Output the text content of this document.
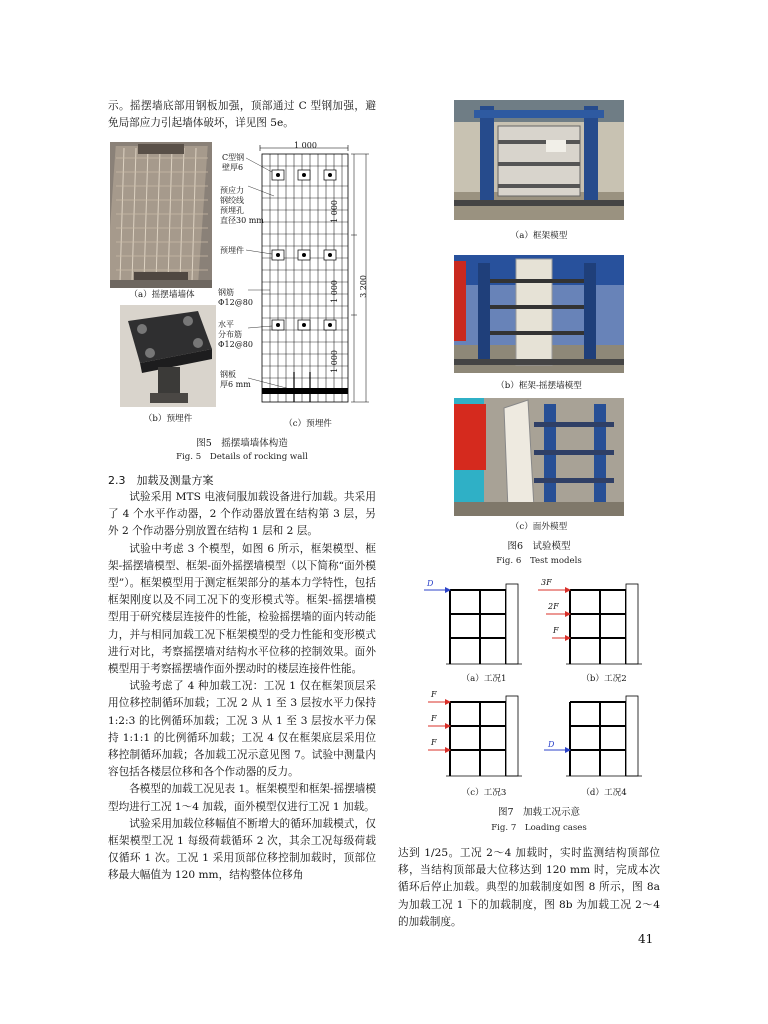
示。摇摆墙底部用钢板加强，顶部通过 C 型钢加强，避免局部应力引起墙体破坏，详见图 5e。

（a）摇摆墙墙体
（b）预埋件
1 000
1 000
1 000
1 000
3 200
C型钢
壁厚6
预应力
钢绞线
预埋孔
直径30 mm
预埋件
钢筋
Φ12@80
水平
分布筋
Φ12@80
钢板
厚6 mm
（c）预埋件
图5　摇摆墙墙体构造
Fig. 5　Details of rocking wall
2.3　加载及测量方案

试验采用 MTS 电液伺服加载设备进行加载。共采用了 4 个水平作动器，2 个作动器放置在结构第 3 层，另外 2 个作动器分别放置在结构 1 层和 2 层。

试验中考虑 3 个模型，如图 6 所示，框架模型、框架-摇摆墙模型、框架-面外摇摆墙模型（以下简称“面外模型”）。框架模型用于测定框架部分的基本力学特性，包括框架刚度以及不同工况下的变形模式等。框架-摇摆墙模型用于研究楼层连接件的性能，检验摇摆墙的面内转动能力，并与相同加载工况下框架模型的受力性能和变形模式进行对比，考察摇摆墙对结构水平位移的控制效果。面外模型用于考察摇摆墙作面外摆动时的楼层连接件性能。

试验考虑了 4 种加载工况：工况 1 仅在框架顶层采用位移控制循环加载；工况 2 从 1 至 3 层按水平力保持 1:2:3 的比例循环加载；工况 3 从 1 至 3 层按水平力保持 1:1:1 的比例循环加载；工况 4 仅在框架底层采用位移控制循环加载；各加载工况示意见图 7。试验中测量内容包括各楼层位移和各个作动器的反力。

各模型的加载工况见表 1。框架模型和框架-摇摆墙模型均进行工况 1～4 加载，面外模型仅进行工况 1 加载。

试验采用加载位移幅值不断增大的循环加载模式，仅框架模型工况 1 每级荷载循环 2 次，其余工况每级荷载仅循环 1 次。工况 1 采用顶部位移控制加载时，顶部位移最大幅值为 120 mm，结构整体位移角

（a）框架模型
（b）框架-摇摆墙模型
（c）面外模型
图6　试验模型
Fig. 6　Test models
D	3F
2F
F
F
F
F	D
（a）工况1	（b）工况2
（c）工况3	（d）工况4
图7　加载工况示意
Fig. 7　Loading cases

达到 1/25。工况 2～4 加载时，实时监测结构顶部位移，当结构顶部最大位移达到 120 mm 时，完成本次循环后停止加载。典型的加载制度如图 8 所示，图 8a 为加载工况 1 下的加载制度，图 8b 为加载工况 2～4 的加载制度。

41
